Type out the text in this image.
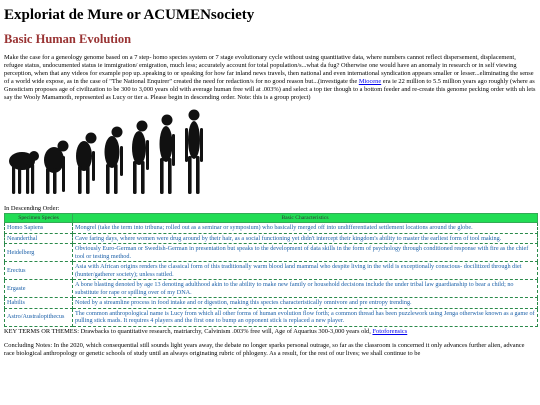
Exploriat de Mure or ACUMENsociety
Basic Human Evolution

Make the case for a geneology genome based on a 7 step- homo species system or 7 stage evolutionary cycle without using quantitative data, where numbers cannot reflect dispersement, displacement, refugee status, undocumented status ie immigration/ emigration, much less; accurately account for total population/s...what da fug? Otherwise one would have an anomaly in research or in self viewing perception, when that any videos for example pop up..speaking to or speaking for how far inland news travels, then national and even international syndication appears smaller or lesser...eliminating the sense of a world wide expose, as in the case of "The National Enquirer" created the need for redaction/s for no good reason but...(investigate the Miocene era ie 22 million to 5.5 million years ago roughly (where as Gnosticism proposes age of civilization to be 300 to 3,000 years old with average human free will at .003%) and select a top tier though to a bottom feeder and re-create this genome pecking order with uh lets say the Wooly Mamamoth, represented as Lucy or tier a. Please begin in descending order. Note: this is a group project)

In Descending Order:

Specimen Species	Basic Characteristics
Homo Sapiens	Mongrel (take the term into tribuna; rolled out as a seminar or symposium) who basically merged off into undifferentiated settlement locations around the globe.
Neanderthal	Cave faring days, where women were drug around by their hair, as a social functioning yet didn't intercept their kingdom's ability to master the earliest form of tool making.
Heidelberg	Obviously Euro-German or Swedish-German in presentation but speaks to the development of data skills in the form of psychology through conditioned response with fire as the chief tool or testing method.
Erectus	Asia with African origins renders the classical form of this traditionally warm blood land mammal who despite living in the wild is exceptionally conscious- docilitized through diet (hunter/gatherer society); unless rattled.
Ergaste	A bone blasting denoted by age 13 denoting adulthood akin to the ability to make new family or household decisions include the under tribal law guardianship to bear a child; no substitute for rape or spilling over of my DNA.
Habilis	Noted by a streamline process in food intake and or digestion, making this species characteristically omnivore and pre entropy trending.
Astro/Australopithecus	The common anthropological name is Lucy from which all other forms of human evolution flow forth; a common thread has been puzzlework using Jenga otherwise known as a game of pulling stick mads. It requires 4 players and the first one to bump an opponent stick is replaced a new player.

KEY TERMS OR THEMES: Drawbacks to quantitative research, matriarchy, Calvinism .003% free will, Age of Aquarius 300-3,000 years old, Fotoforensics

Concluding Notes: In the 2020, which consequential still sounds light years away, the debate no longer sparks personal outrage, so far as the classroom is concerned it only advances further alien, advance race biological anthropology or genetic schools of study until an always originating rubric of phlogeny. As a result, for the rest of our lives; we shall continue to be
